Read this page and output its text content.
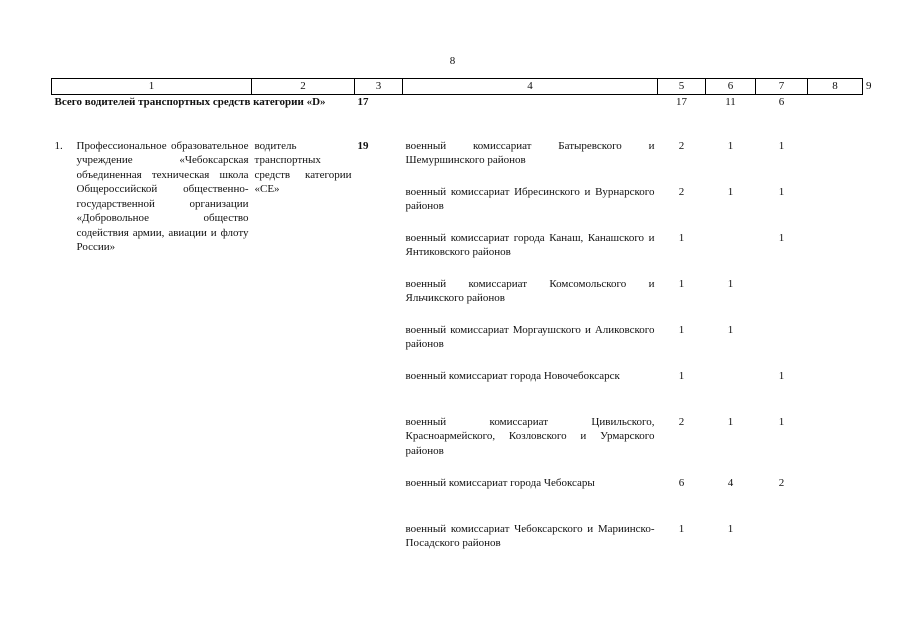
8
1	2	3	4	5	6	7	8	9
Всего водителей транспортных средств категории «D»		17		17	11	6		

1. Профессиональное образовательное учреждение «Чебоксарская объединенная техническая школа Общероссийской общественно-государственной организации «Добровольное общество содействия армии, авиации и флоту России»	водитель транспортных средств категории «CE»	19	военный комиссариат Батыревского и Шемуршинского районов	2	1	1		
			военный комиссариат Ибресинского и Вурнарского районов	2	1	1		
			военный комиссариат города Канаш, Канашского и Янтиковского районов	1		1		
			военный комиссариат Комсомольского и Яльчикского районов	1	1			
			военный комиссариат Моргаушского и Аликовского районов	1	1			
			военный комиссариат города Новочебоксарск	1		1		
			военный комиссариат Цивильского, Красноармейского, Козловского и Урмарского районов	2	1	1		
			военный комиссариат города Чебоксары	6	4	2		
			военный комиссариат Чебоксарского и Мариинско-Посадского районов	1	1			
